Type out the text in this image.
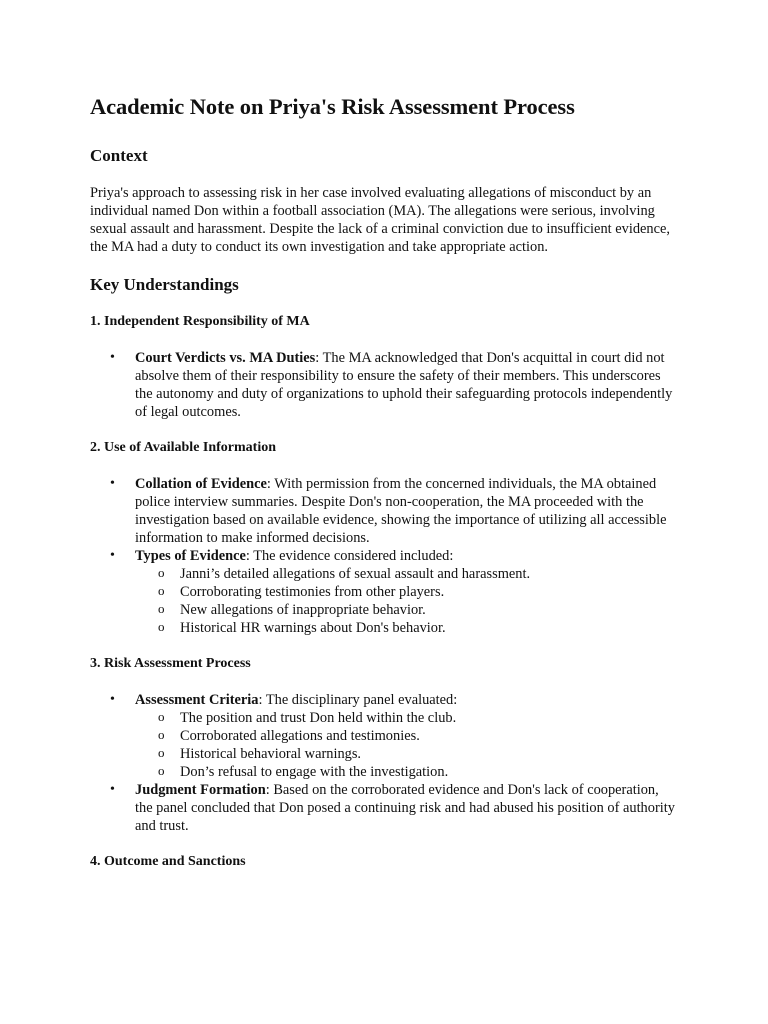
Academic Note on Priya's Risk Assessment Process
Context

Priya's approach to assessing risk in her case involved evaluating allegations of misconduct by an individual named Don within a football association (MA). The allegations were serious, involving sexual assault and harassment. Despite the lack of a criminal conviction due to insufficient evidence, the MA had a duty to conduct its own investigation and take appropriate action.

Key Understandings
1. Independent Responsibility of MA
• Court Verdicts vs. MA Duties: The MA acknowledged that Don's acquittal in court did not absolve them of their responsibility to ensure the safety of their members. This underscores the autonomy and duty of organizations to uphold their safeguarding protocols independently of legal outcomes.
2. Use of Available Information
• Collation of Evidence: With permission from the concerned individuals, the MA obtained police interview summaries. Despite Don's non-cooperation, the MA proceeded with the investigation based on available evidence, showing the importance of utilizing all accessible information to make informed decisions.
• Types of Evidence: The evidence considered included:
o Janni’s detailed allegations of sexual assault and harassment.
o Corroborating testimonies from other players.
o New allegations of inappropriate behavior.
o Historical HR warnings about Don's behavior.
3. Risk Assessment Process
• Assessment Criteria: The disciplinary panel evaluated:
o The position and trust Don held within the club.
o Corroborated allegations and testimonies.
o Historical behavioral warnings.
o Don’s refusal to engage with the investigation.
• Judgment Formation: Based on the corroborated evidence and Don's lack of cooperation, the panel concluded that Don posed a continuing risk and had abused his position of authority and trust.
4. Outcome and Sanctions
